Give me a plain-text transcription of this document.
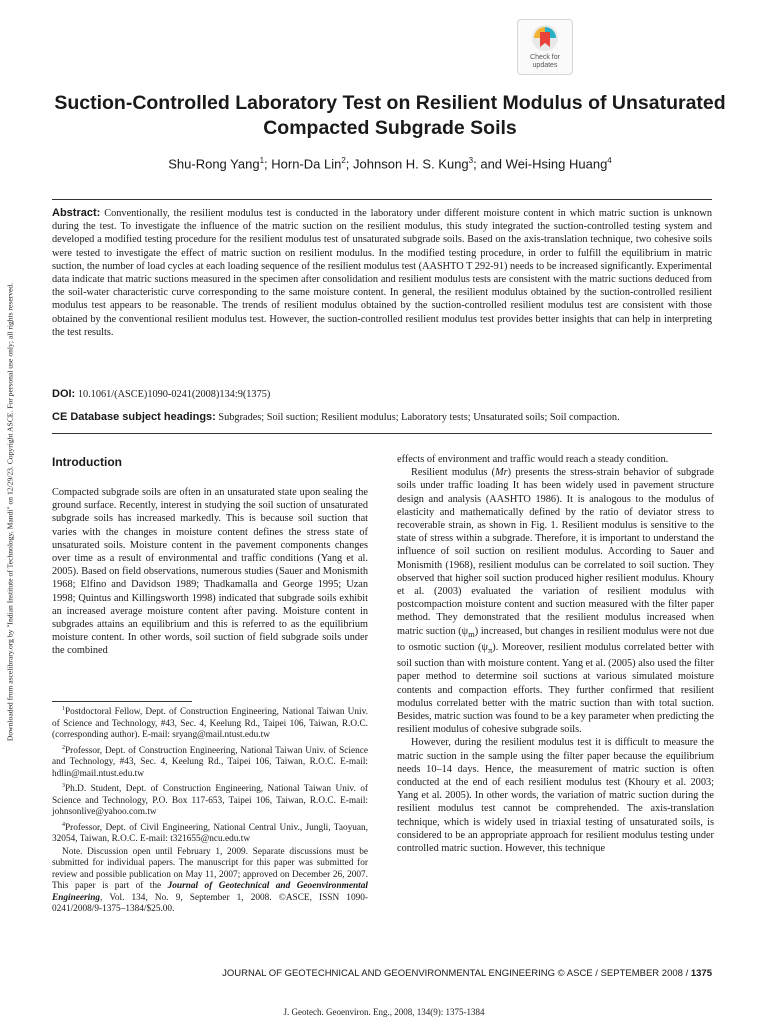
Downloaded from ascelibrary.org by "Indian Institute of Technology, Mandi" on 12/29/23. Copyright ASCE. For personal use only; all rights reserved.
Check for
updates
Suction-Controlled Laboratory Test on Resilient Modulus of Unsaturated Compacted Subgrade Soils

Shu-Rong Yang$^1$; Horn-Da Lin$^2$; Johnson H. S. Kung$^3$; and Wei-Hsing Huang$^4$

Abstract: Conventionally, the resilient modulus test is conducted in the laboratory under different moisture content in which matric suction is unknown during the test. To investigate the influence of the matric suction on the resilient modulus, this study integrated the suction-controlled testing system and developed a modified testing procedure for the resilient modulus test of unsaturated subgrade soils. Based on the axis-translation technique, two cohesive soils were tested to investigate the effect of matric suction on resilient modulus. In the modified testing procedure, in order to fulfill the equilibrium in matric suction, the number of load cycles at each loading sequence of the resilient modulus test (AASHTO T 292-91) needs to be increased significantly. Experimental data indicate that matric suctions measured in the specimen after consolidation and resilient modulus tests are consistent with the matric suctions deduced from the soil-water characteristic curve corresponding to the same moisture content. In general, the resilient modulus obtained by the suction-controlled resilient modulus test appears to be reasonable. The trends of resilient modulus obtained by the suction-controlled resilient modulus test are consistent with those obtained by the conventional resilient modulus test. However, the suction-controlled resilient modulus test provides better insights that can help in interpreting the test results.

DOI: 10.1061/(ASCE)1090-0241(2008)134:9(1375)

CE Database subject headings: Subgrades; Soil suction; Resilient modulus; Laboratory tests; Unsaturated soils; Soil compaction.

Introduction

Compacted subgrade soils are often in an unsaturated state upon sealing the ground surface. Recently, interest in studying the soil suction of unsaturated subgrade soils has increased markedly. This is because soil suction that varies with the changes in moisture content defines the stress state of unsaturated soils. Moisture content in the pavement components changes over time as a result of environmental and traffic conditions (Yang et al. 2005). Based on field observations, numerous studies (Sauer and Monismith 1968; Elfino and Davidson 1989; Thadkamalla and George 1995; Uzan 1998; Quintus and Killingsworth 1998) indicated that subgrade soils exhibit an increased average moisture content after paving. Moisture content in subgrades attains an equilibrium and this is referred to as the equilibrium moisture content. In other words, soil suction of field subgrade soils under the combined

$^1$Postdoctoral Fellow, Dept. of Construction Engineering, National Taiwan Univ. of Science and Technology, #43, Sec. 4, Keelung Rd., Taipei 106, Taiwan, R.O.C. (corresponding author). E-mail: sryang@mail.ntust.edu.tw

$^2$Professor, Dept. of Construction Engineering, National Taiwan Univ. of Science and Technology, #43, Sec. 4, Keelung Rd., Taipei 106, Taiwan, R.O.C. E-mail: hdlin@mail.ntust.edu.tw

$^3$Ph.D. Student, Dept. of Construction Engineering, National Taiwan Univ. of Science and Technology, P.O. Box 117-653, Taipei 106, Taiwan, R.O.C. E-mail: johnsonlive@yahoo.com.tw

$^4$Professor, Dept. of Civil Engineering, National Central Univ., Jungli, Taoyuan, 32054, Taiwan, R.O.C. E-mail: t321655@ncu.edu.tw

Note. Discussion open until February 1, 2009. Separate discussions must be submitted for individual papers. The manuscript for this paper was submitted for review and possible publication on May 11, 2007; approved on December 26, 2007. This paper is part of the Journal of Geotechnical and Geoenvironmental Engineering, Vol. 134, No. 9, September 1, 2008. ©ASCE, ISSN 1090-0241/2008/9-1375–1384/$25.00.

effects of environment and traffic would reach a steady condition.

Resilient modulus (Mr) presents the stress-strain behavior of subgrade soils under traffic loading It has been widely used in pavement structure design and analysis (AASHTO 1986). It is analogous to the modulus of elasticity and mathematically defined by the ratio of deviator stress to recoverable strain, as shown in Fig. 1. Resilient modulus is sensitive to the state of stress within a subgrade. Therefore, it is important to understand the influence of soil suction on resilient modulus. According to Sauer and Monismith (1968), resilient modulus can be correlated to soil suction. They observed that higher soil suction produced higher resilient modulus. Khoury et al. (2003) evaluated the variation of resilient modulus with postcompaction moisture content and suction measured with the filter paper method. They demonstrated that the resilient modulus increased when matric suction $(\psi_m)$ increased, but changes in resilient modulus were not due to osmotic suction $(\psi_\pi)$. Moreover, resilient modulus correlated better with soil suction than with moisture content. Yang et al. (2005) also used the filter paper method to determine soil suctions at various simulated moisture contents and compaction efforts. They further confirmed that resilient modulus correlated better with the matric suction than with total suction. Besides, matric suction was found to be a key parameter when predicting the resilient modulus of cohesive subgrade soils.

However, during the resilient modulus test it is difficult to measure the matric suction in the sample using the filter paper because the equilibrium needs 10–14 days. Hence, the measurement of matric suction is often conducted at the end of each resilient modulus test (Khoury et al. 2003; Yang et al. 2005). In other words, the variation of matric suction during the resilient modulus test cannot be comprehended. The axis-translation technique, which is widely used in triaxial testing of unsaturated soils, is considered to be an appropriate approach for resilient modulus testing under controlled matric suction. However, this technique

JOURNAL OF GEOTECHNICAL AND GEOENVIRONMENTAL ENGINEERING © ASCE / SEPTEMBER 2008 / 1375

J. Geotech. Geoenviron. Eng., 2008, 134(9): 1375-1384
